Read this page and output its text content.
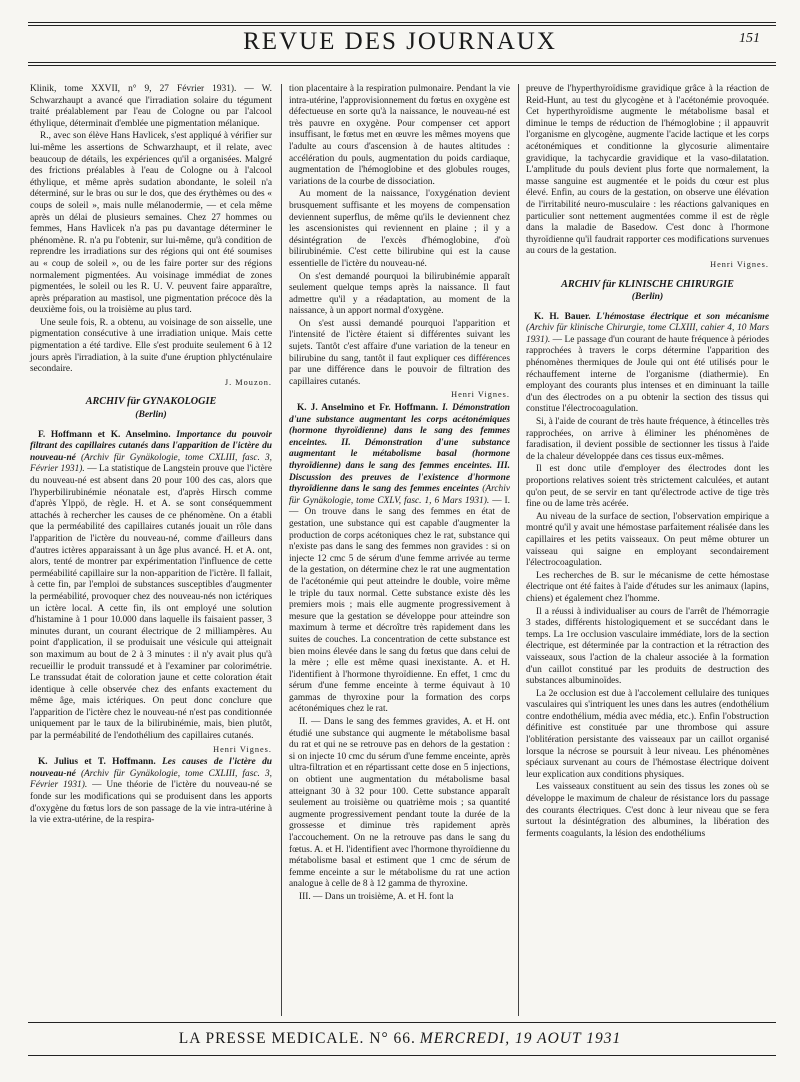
REVUE DES JOURNAUX	151

Klinik, tome XXVII, n° 9, 27 Février 1931). — W. Schwarzhaupt a avancé que l'irradiation solaire du tégument traité préalablement par l'eau de Cologne ou par l'alcool éthylique, déterminait d'emblée une pigmentation mélanique.

R., avec son élève Hans Havlicek, s'est appliqué à vérifier sur lui-même les assertions de Schwarzhaupt, et il relate, avec beaucoup de détails, les expériences qu'il a organisées. Malgré des frictions préalables à l'eau de Cologne ou à l'alcool éthylique, et même après sudation abondante, le soleil n'a déterminé, sur le bras ou sur le dos, que des érythèmes ou des « coups de soleil », mais nulle mélanodermie, — et cela même après un délai de plusieurs semaines. Chez 27 hommes ou femmes, Hans Havlicek n'a pas pu davantage déterminer le phénomène. R. n'a pu l'obtenir, sur lui-même, qu'à condition de reprendre les irradiations sur des régions qui ont été soumises au « coup de soleil », ou de les faire porter sur des régions normalement pigmentées. Au voisinage immédiat de zones pigmentées, le soleil ou les R. U. V. peuvent faire apparaître, après préparation au mastisol, une pigmentation précoce dès la deuxième fois, ou la troisième au plus tard.

Une seule fois, R. a obtenu, au voisinage de son aisselle, une pigmentation consécutive à une irradiation unique. Mais cette pigmentation a été tardive. Elle s'est produite seulement 6 à 12 jours après l'irradiation, à la suite d'une éruption phlycténulaire secondaire.

J. Mouzon.

ARCHIV für GYNAKOLOGIE
(Berlin)

F. Hoffmann et K. Anselmino. Importance du pouvoir filtrant des capillaires cutanés dans l'apparition de l'ictère du nouveau-né (Archiv für Gynäkologie, tome CXLIII, fasc. 3, Février 1931). — La statistique de Langstein prouve que l'ictère du nouveau-né est absent dans 20 pour 100 des cas, alors que l'hyperbilirubinémie néonatale est, d'après Hirsch comme d'après Ylppö, de règle. H. et A. se sont conséquemment attachés à rechercher les causes de ce phénomène. On a établi que la perméabilité des capillaires cutanés jouait un rôle dans l'apparition de l'ictère du nouveau-né, comme d'ailleurs dans d'autres ictères apparaissant à un âge plus avancé. H. et A. ont, alors, tenté de montrer par expérimentation l'influence de cette perméabilité capillaire sur la non-apparition de l'ictère. Il fallait, à cette fin, par l'emploi de substances susceptibles d'augmenter la perméabilité, provoquer chez des nouveau-nés non ictériques un ictère local. A cette fin, ils ont employé une solution d'histamine à 1 pour 10.000 dans laquelle ils faisaient passer, 3 minutes durant, un courant électrique de 2 milliampères. Au point d'application, il se produisait une vésicule qui atteignait son maximum au bout de 2 à 3 minutes : il n'y avait plus qu'à recueillir le produit transsudé et à l'examiner par colorimétrie. Le transsudat était de coloration jaune et cette coloration était identique à celle observée chez des enfants exactement du même âge, mais ictériques. On peut donc conclure que l'apparition de l'ictère chez le nouveau-né n'est pas conditionnée uniquement par le taux de la bilirubinémie, mais, bien plutôt, par la perméabilité de l'endothélium des capillaires cutanés.

Henri Vignes.

K. Julius et T. Hoffmann. Les causes de l'ictère du nouveau-né (Archiv für Gynäkologie, tome CXLIII, fasc. 3, Février 1931). — Une théorie de l'ictère du nouveau-né se fonde sur les modifications qui se produisent dans les apports d'oxygène du fœtus lors de son passage de la vie intra-utérine à la vie extra-utérine, de la respira-

tion placentaire à la respiration pulmonaire. Pendant la vie intra-utérine, l'approvisionnement du fœtus en oxygène est défectueuse en sorte qu'à la naissance, le nouveau-né est très pauvre en oxygène. Pour compenser cet apport insuffisant, le fœtus met en œuvre les mêmes moyens que l'adulte au cours d'ascension à de hautes altitudes : accélération du pouls, augmentation du poids cardiaque, augmentation de l'hémoglobine et des globules rouges, variations de la courbe de dissociation.

Au moment de la naissance, l'oxygénation devient brusquement suffisante et les moyens de compensation deviennent superflus, de même qu'ils le deviennent chez les ascensionistes qui reviennent en plaine ; il y a désintégration de l'excès d'hémoglobine, d'où bilirubinémie. C'est cette bilirubine qui est la cause essentielle de l'ictère du nouveau-né.

On s'est demandé pourquoi la bilirubinémie apparaît seulement quelque temps après la naissance. Il faut admettre qu'il y a réadaptation, au moment de la naissance, à un apport normal d'oxygène.

On s'est aussi demandé pourquoi l'apparition et l'intensité de l'ictère étaient si différentes suivant les sujets. Tantôt c'est affaire d'une variation de la teneur en bilirubine du sang, tantôt il faut expliquer ces différences par une différence dans le pouvoir de filtration des capillaires cutanés.

Henri Vignes.

K. J. Anselmino et Fr. Hoffmann. I. Démonstration d'une substance augmentant les corps acétonémiques (hormone thyroïdienne) dans le sang des femmes enceintes. II. Démonstration d'une substance augmentant le métabolisme basal (hormone thyroïdienne) dans le sang des femmes enceintes. III. Discussion des preuves de l'existence d'hormone thyroïdienne dans le sang des femmes enceintes (Archiv für Gynäkologie, tome CXLV, fasc. 1, 6 Mars 1931). — I. — On trouve dans le sang des femmes en état de gestation, une substance qui est capable d'augmenter la production de corps acétoniques chez le rat, substance qui n'existe pas dans le sang des femmes non gravides : si on injecte 12 cmc 5 de sérum d'une femme arrivée au terme de la gestation, on détermine chez le rat une augmentation de l'acétonémie qui peut atteindre le double, voire même le triple du taux normal. Cette substance existe dès les premiers mois ; mais elle augmente progressivement à mesure que la gestation se développe pour atteindre son maximum à terme et décroître très rapidement dans les suites de couches. La concentration de cette substance est bien moins élevée dans le sang du fœtus que dans celui de la mère ; elle est même quasi inexistante. A. et H. l'identifient à l'hormone thyroïdienne. En effet, 1 cmc du sérum d'une femme enceinte à terme équivaut à 10 gammas de thyroxine pour la formation des corps acétonémiques chez le rat.

II. — Dans le sang des femmes gravides, A. et H. ont étudié une substance qui augmente le métabolisme basal du rat et qui ne se retrouve pas en dehors de la gestation : si on injecte 10 cmc du sérum d'une femme enceinte, après ultra-filtration et en répartissant cette dose en 5 injections, on obtient une augmentation du métabolisme basal atteignant 30 à 32 pour 100. Cette substance apparaît seulement au troisième ou quatrième mois ; sa quantité augmente progressivement pendant toute la durée de la grossesse et diminue très rapidement après l'accouchement. On ne la retrouve pas dans le sang du fœtus. A. et H. l'identifient avec l'hormone thyroïdienne du métabolisme basal et estiment que 1 cmc de sérum de femme enceinte a sur le métabolisme du rat une action analogue à celle de 8 à 12 gamma de thyroxine.

III. — Dans un troisième, A. et H. font la

preuve de l'hyperthyroïdisme gravidique grâce à la réaction de Reid-Hunt, au test du glycogène et à l'acétonémie provoquée. Cet hyperthyroïdisme augmente le métabolisme basal et diminue le temps de réduction de l'hémoglobine ; il appauvrit l'organisme en glycogène, augmente l'acide lactique et les corps acétonémiques et conditionne la glycosurie alimentaire gravidique, la tachycardie gravidique et la vaso-dilatation. L'amplitude du pouls devient plus forte que normalement, la masse sanguine est augmentée et le poids du cœur est plus élevé. Enfin, au cours de la gestation, on observe une élévation de l'irritabilité neuro-musculaire : les réactions galvaniques en particulier sont nettement augmentées comme il est de règle dans la maladie de Basedow. C'est donc à l'hormone thyroïdienne qu'il faudrait rapporter ces modifications survenues au cours de la gestation.

Henri Vignes.

ARCHIV für KLINISCHE CHIRURGIE
(Berlin)

K. H. Bauer. L'hémostase électrique et son mécanisme (Archiv für klinische Chirurgie, tome CLXIII, cahier 4, 10 Mars 1931). — Le passage d'un courant de haute fréquence à périodes rapprochées à travers le corps détermine l'apparition des phénomènes thermiques de Joule qui ont été utilisés pour le réchauffement interne de l'organisme (diathermie). En employant des courants plus intenses et en diminuant la taille d'un des électrodes on a pu obtenir la section des tissus qui constitue l'électrocoagulation.

Si, à l'aide de courant de très haute fréquence, à étincelles très rapprochées, on arrive à éliminer les phénomènes de faradisation, il devient possible de sectionner les tissus à l'aide de la chaleur développée dans ces tissus eux-mêmes.

Il est donc utile d'employer des électrodes dont les proportions relatives soient très strictement calculées, et autant qu'on peut, de se servir en tant qu'électrode active de tige très fine ou de lame très acérée.

Au niveau de la surface de section, l'observation empirique a montré qu'il y avait une hémostase parfaitement réalisée dans les capillaires et les petits vaisseaux. On peut même obturer un vaisseau qui saigne en employant secondairement l'électrocoagulation.

Les recherches de B. sur le mécanisme de cette hémostase électrique ont été faites à l'aide d'études sur les animaux (lapins, chiens) et également chez l'homme.

Il a réussi à individualiser au cours de l'arrêt de l'hémorragie 3 stades, différents histologiquement et se succédant dans le temps. La 1re occlusion vasculaire immédiate, lors de la section électrique, est déterminée par la contraction et la rétraction des vaisseaux, sous l'action de la chaleur associée à la formation d'un caillot constitué par les produits de destruction des substances albuminoïdes.

La 2e occlusion est due à l'accolement cellulaire des tuniques vasculaires qui s'intriquent les unes dans les autres (endothélium contre endothélium, média avec média, etc.). Enfin l'obstruction définitive est constituée par une thrombose qui assure l'oblitération persistante des vaisseaux par un caillot organisé lorsque la nécrose se poursuit à leur niveau. Les phénomènes spéciaux survenant au cours de l'hémostase électrique doivent leur explication aux conditions physiques.

Les vaisseaux constituent au sein des tissus les zones où se développe le maximum de chaleur de résistance lors du passage des courants électriques. C'est donc à leur niveau que se fera surtout la désintégration des albumines, la libération des ferments coagulants, la lésion des endothéliums

LA PRESSE MEDICALE. N° 66. MERCREDI, 19 AOUT 1931
